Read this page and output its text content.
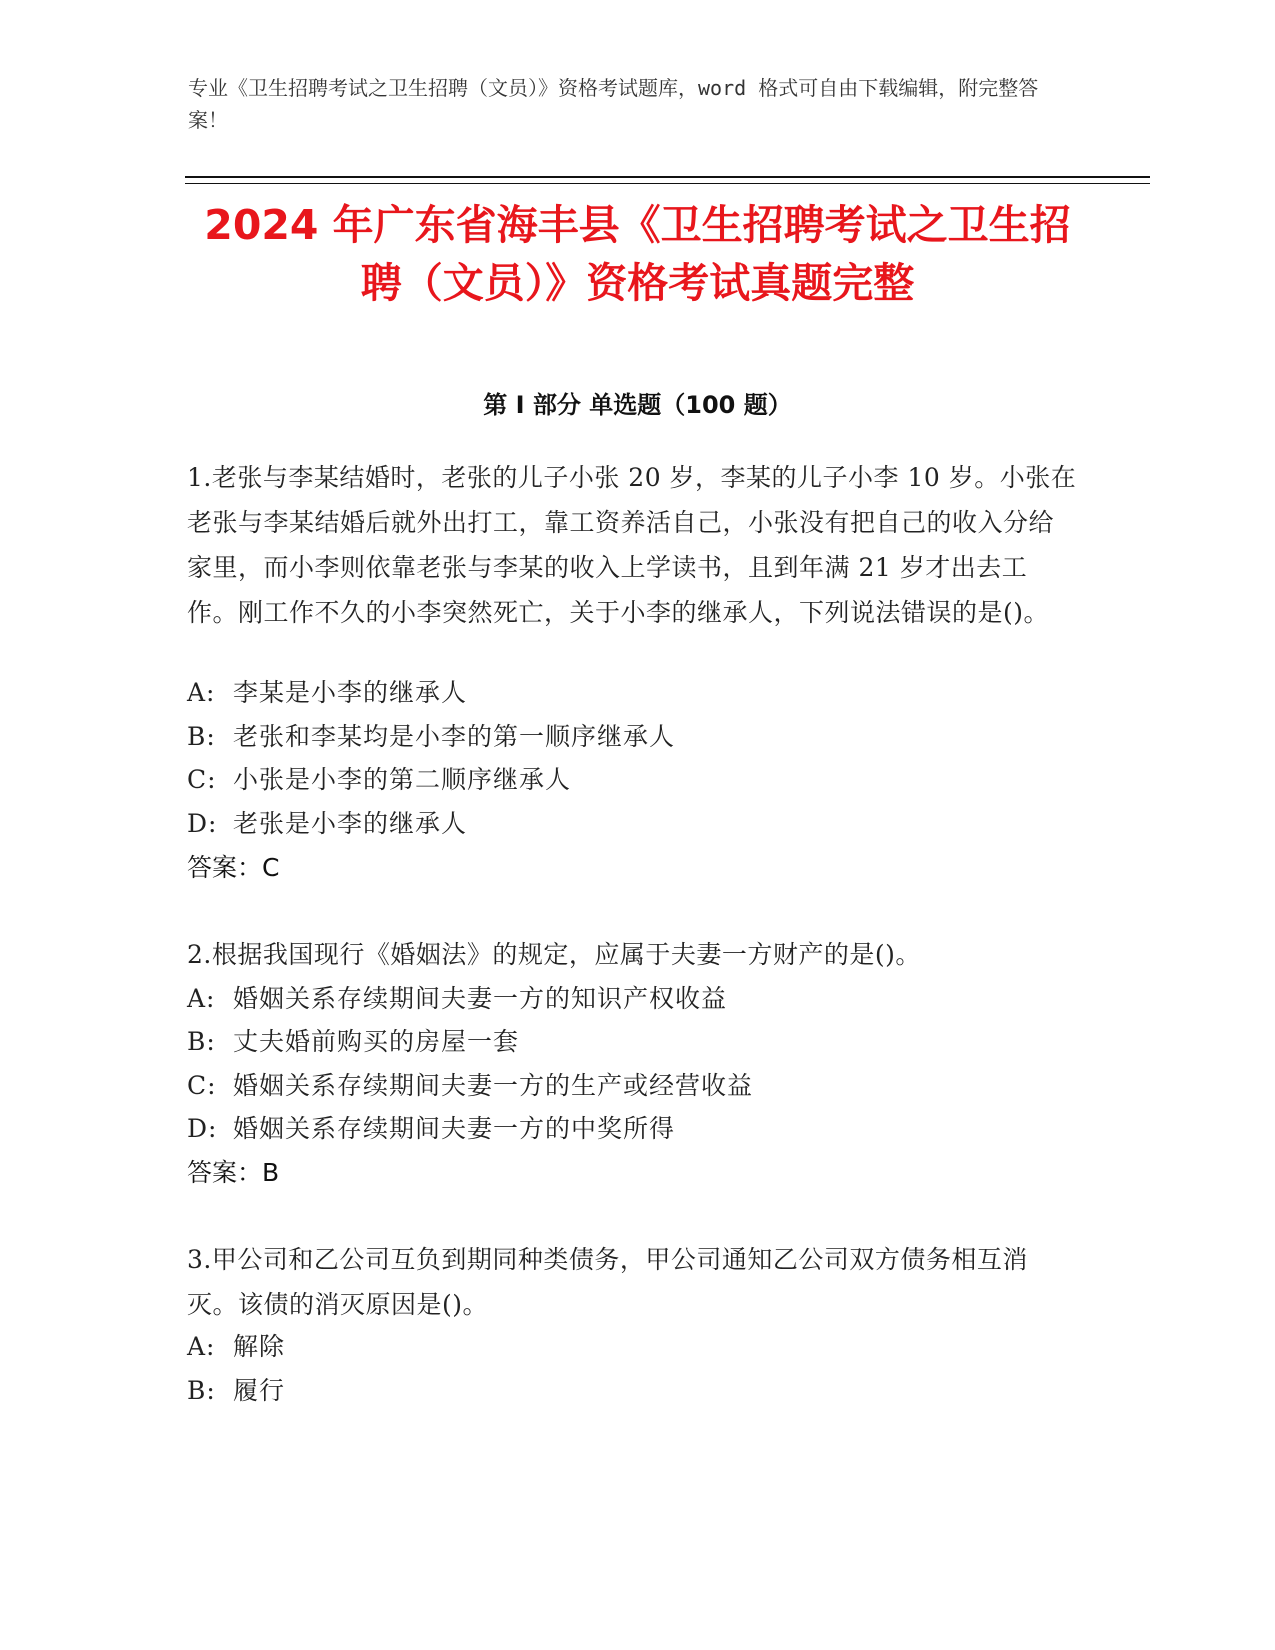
专业《卫生招聘考试之卫生招聘（文员）》资格考试题库，word 格式可自由下载编辑，附完整答案！
2024 年广东省海丰县《卫生招聘考试之卫生招聘（文员）》资格考试真题完整
第 I 部分 单选题（100 题）
1.老张与李某结婚时，老张的儿子小张 20 岁，李某的儿子小李 10 岁。小张在老张与李某结婚后就外出打工，靠工资养活自己，小张没有把自己的收入分给家里，而小李则依靠老张与李某的收入上学读书，且到年满 21 岁才出去工作。刚工作不久的小李突然死亡，关于小李的继承人，下列说法错误的是()。
A: 李某是小李的继承人
B: 老张和李某均是小李的第一顺序继承人
C: 小张是小李的第二顺序继承人
D: 老张是小李的继承人
答案：C
2.根据我国现行《婚姻法》的规定，应属于夫妻一方财产的是()。
A: 婚姻关系存续期间夫妻一方的知识产权收益
B: 丈夫婚前购买的房屋一套
C: 婚姻关系存续期间夫妻一方的生产或经营收益
D: 婚姻关系存续期间夫妻一方的中奖所得
答案：B
3.甲公司和乙公司互负到期同种类债务，甲公司通知乙公司双方债务相互消灭。该债的消灭原因是()。
A: 解除
B: 履行
